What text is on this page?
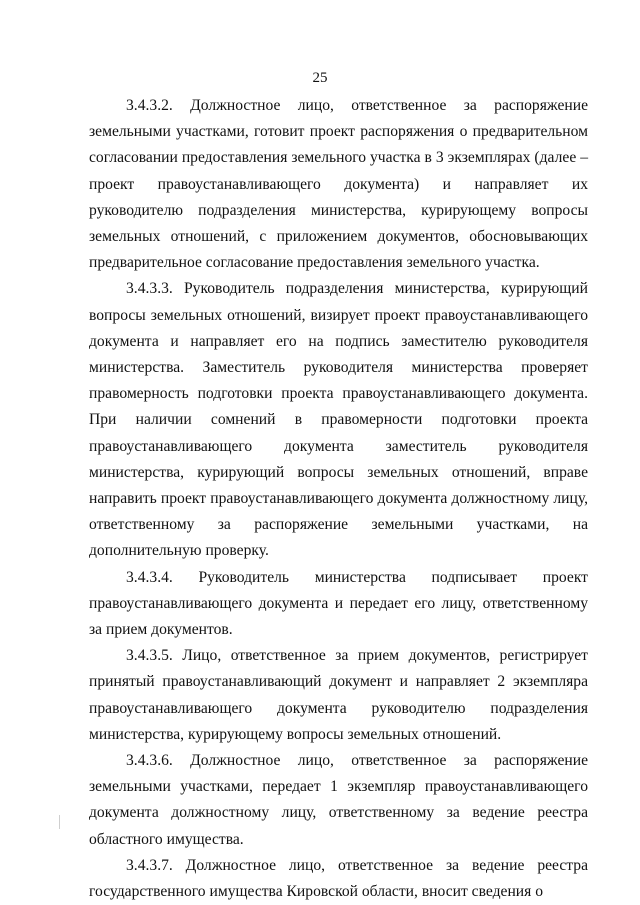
25

3.4.3.2. Должностное лицо, ответственное за распоряжение земельными участками, готовит проект распоряжения о предварительном согласовании предоставления земельного участка в 3 экземплярах (далее – проект правоустанавливающего документа) и направляет их руководителю подразделения министерства, курирующему вопросы земельных отношений, с приложением документов, обосновывающих предварительное согласование предоставления земельного участка.

3.4.3.3. Руководитель подразделения министерства, курирующий вопросы земельных отношений, визирует проект правоустанавливающего документа и направляет его на подпись заместителю руководителя министерства. Заместитель руководителя министерства проверяет правомерность подготовки проекта правоустанавливающего документа. При наличии сомнений в правомерности подготовки проекта правоустанавливающего документа заместитель руководителя министерства, курирующий вопросы земельных отношений, вправе направить проект правоустанавливающего документа должностному лицу, ответственному за распоряжение земельными участками, на дополнительную проверку.

3.4.3.4. Руководитель министерства подписывает проект правоустанавливающего документа и передает его лицу, ответственному за прием документов.

3.4.3.5. Лицо, ответственное за прием документов, регистрирует принятый правоустанавливающий документ и направляет 2 экземпляра правоустанавливающего документа руководителю подразделения министерства, курирующему вопросы земельных отношений.

3.4.3.6. Должностное лицо, ответственное за распоряжение земельными участками, передает 1 экземпляр правоустанавливающего документа должностному лицу, ответственному за ведение реестра областного имущества.

3.4.3.7. Должностное лицо, ответственное за ведение реестра государственного имущества Кировской области, вносит сведения о
